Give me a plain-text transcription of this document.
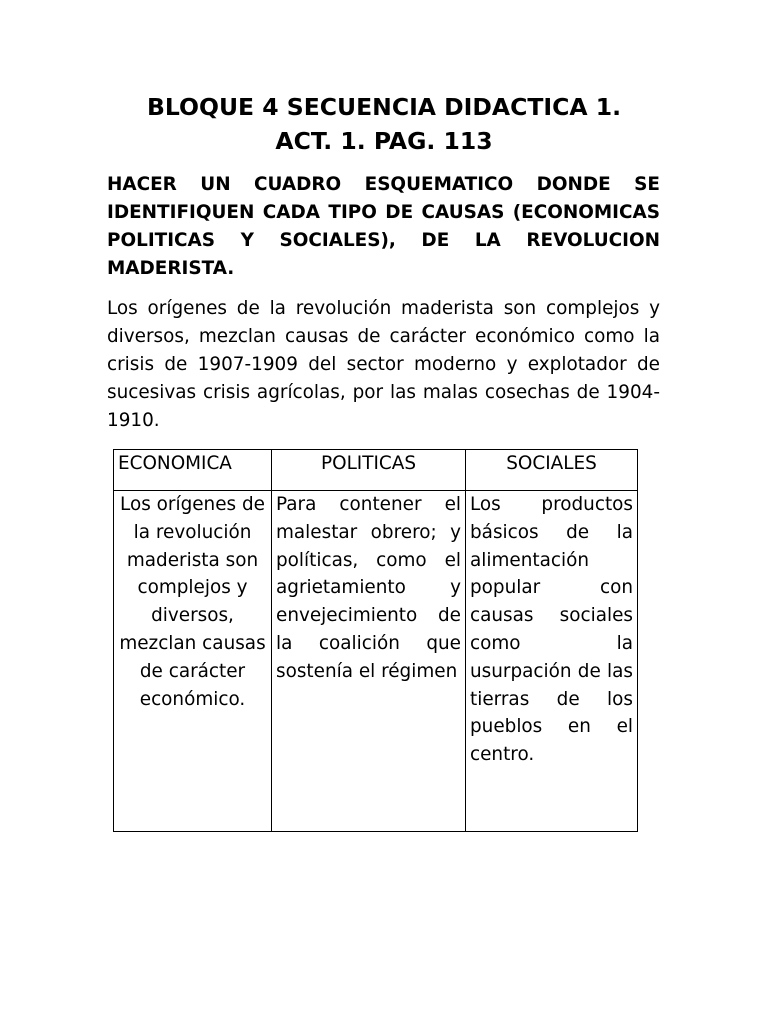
BLOQUE 4 SECUENCIA DIDACTICA 1.
ACT. 1. PAG. 113

HACER UN CUADRO ESQUEMATICO DONDE SE IDENTIFIQUEN CADA TIPO DE CAUSAS (ECONOMICAS POLITICAS Y SOCIALES), DE LA REVOLUCION MADERISTA.

Los orígenes de la revolución maderista son complejos y diversos, mezclan causas de carácter económico como la crisis de 1907-1909 del sector moderno y explotador de sucesivas crisis agrícolas, por las malas cosechas de 1904-1910.

ECONOMICA	POLITICAS	SOCIALES
Los orígenes de la revolución maderista son complejos y diversos, mezclan causas de carácter económico.	Para contener el malestar obrero; y políticas, como el agrietamiento y envejecimiento de la coalición que sostenía el régimen	Los productos básicos de la alimentación popular con causas sociales como la usurpación de las tierras de los pueblos en el centro.
